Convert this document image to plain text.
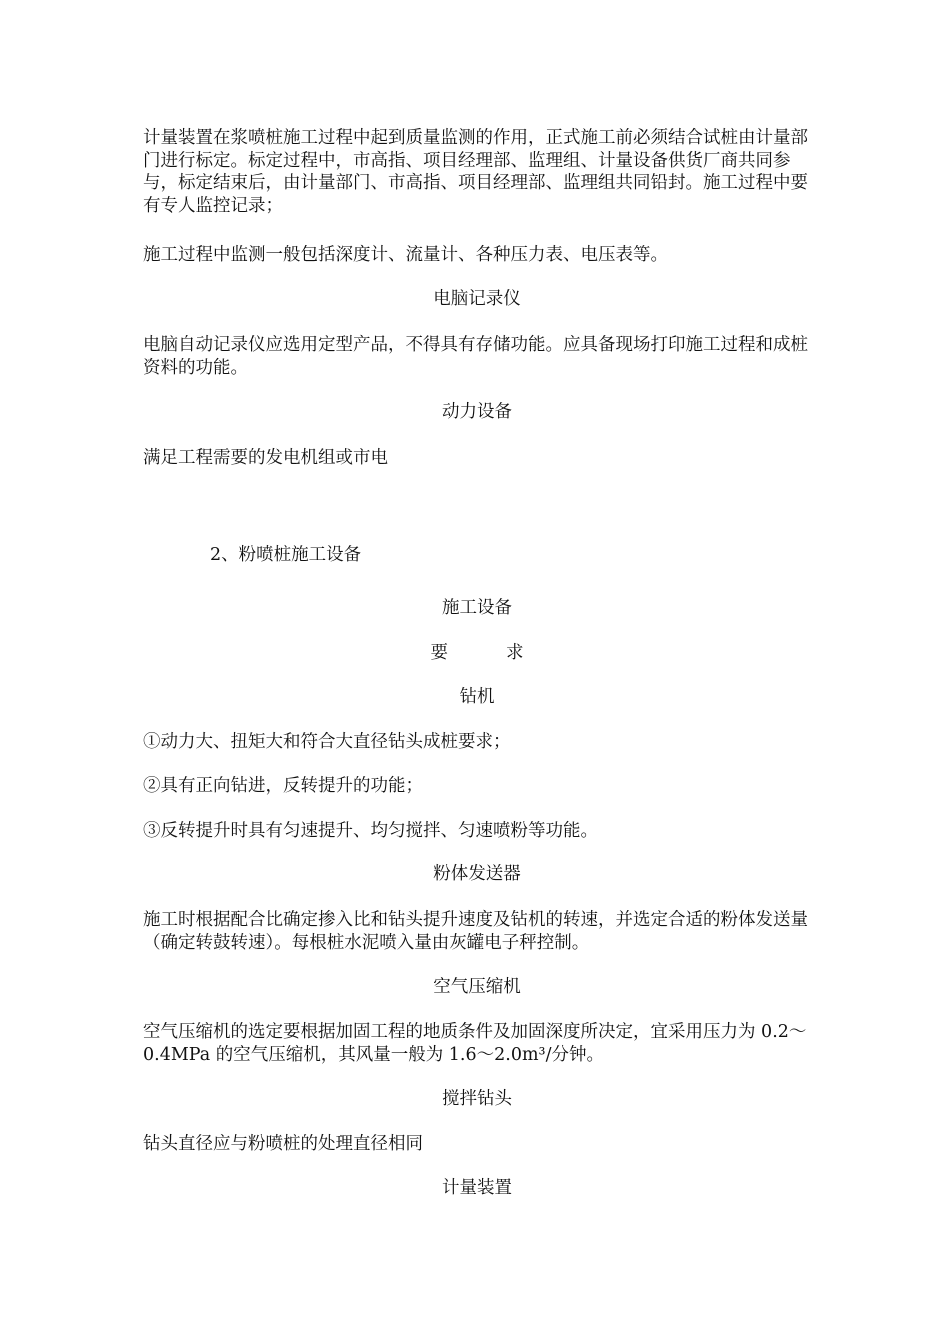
计量装置在浆喷桩施工过程中起到质量监测的作用，正式施工前必须结合试桩由计量部门进行标定。标定过程中，市高指、项目经理部、监理组、计量设备供货厂商共同参与，标定结束后，由计量部门、市高指、项目经理部、监理组共同铅封。施工过程中要有专人监控记录；

施工过程中监测一般包括深度计、流量计、各种压力表、电压表等。

电脑记录仪

电脑自动记录仪应选用定型产品，不得具有存储功能。应具备现场打印施工过程和成桩资料的功能。

动力设备

满足工程需要的发电机组或市电

2、粉喷桩施工设备

施工设备

要	求

钻机

①动力大、扭矩大和符合大直径钻头成桩要求；

②具有正向钻进，反转提升的功能；

③反转提升时具有匀速提升、均匀搅拌、匀速喷粉等功能。

粉体发送器

施工时根据配合比确定掺入比和钻头提升速度及钻机的转速，并选定合适的粉体发送量（确定转鼓转速）。每根桩水泥喷入量由灰罐电子秤控制。

空气压缩机

空气压缩机的选定要根据加固工程的地质条件及加固深度所决定，宜采用压力为 0.2～0.4MPa 的空气压缩机，其风量一般为 1.6～2.0m³/分钟。

搅拌钻头

钻头直径应与粉喷桩的处理直径相同

计量装置
